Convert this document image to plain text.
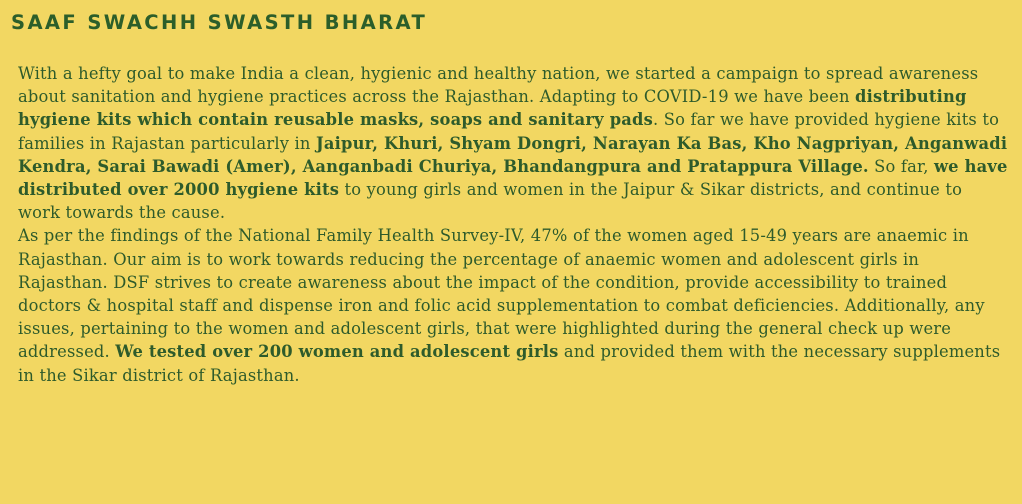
SAAF SWACHH SWASTH BHARAT

With a hefty goal to make India a clean, hygienic and healthy nation, we started a campaign to spread awareness about sanitation and hygiene practices across the Rajasthan. Adapting to COVID-19 we have been distributing hygiene kits which contain reusable masks, soaps and sanitary pads. So far we have provided hygiene kits to families in Rajastan particularly in Jaipur, Khuri, Shyam Dongri, Narayan Ka Bas, Kho Nagpriyan, Anganwadi Kendra, Sarai Bawadi (Amer), Aanganbadi Churiya, Bhandangpura and Pratappura Village. So far, we have distributed over 2000 hygiene kits to young girls and women in the Jaipur & Sikar districts, and continue to work towards the cause.

As per the findings of the National Family Health Survey-IV, 47% of the women aged 15-49 years are anaemic in Rajasthan. Our aim is to work towards reducing the percentage of anaemic women and adolescent girls in Rajasthan. DSF strives to create awareness about the impact of the condition, provide accessibility to trained doctors & hospital staff and dispense iron and folic acid supplementation to combat deficiencies. Additionally, any issues, pertaining to the women and adolescent girls, that were highlighted during the general check up were addressed. We tested over 200 women and adolescent girls and provided them with the necessary supplements in the Sikar district of Rajasthan.
